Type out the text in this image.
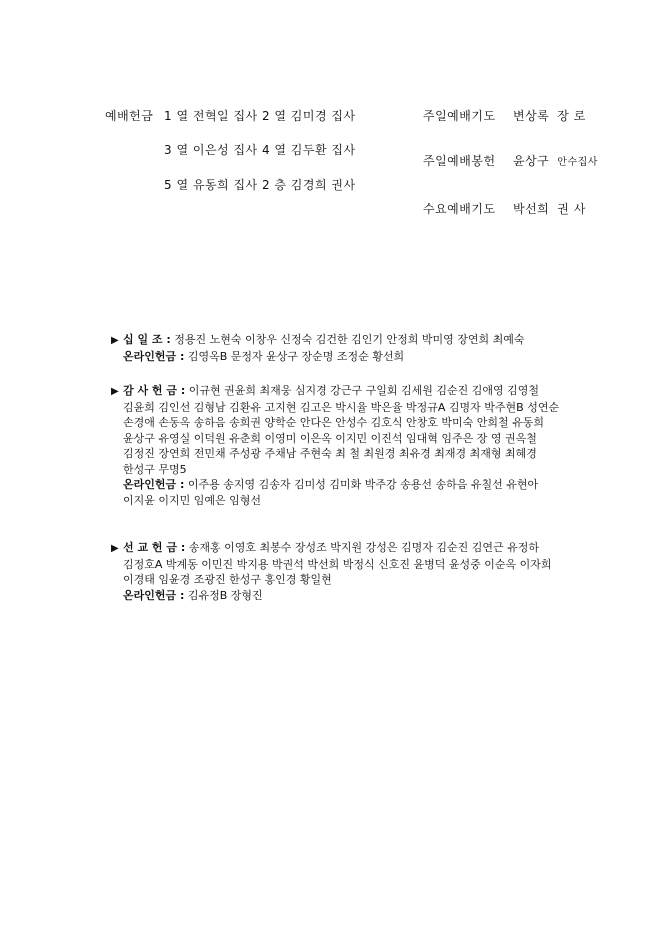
예배헌금 1 열 전혁일 집사 2 열 김미경 집사
3 열 이은성 집사 4 열 김두환 집사
5 열 유동희 집사 2 층 김경희 권사
주일예배기도 변상록 장 로
주일예배봉헌 윤상구 안수집사
수요예배기도 박선희 권 사
▶ 십 일 조 : 정용진 노현숙 이창우 신정숙 김건한 김인기 안정희 박미영 장연희 최예숙
온라인헌금 : 김영옥B 문정자 윤상구 장순명 조정순 황선희
▶ 감 사 헌 금 : 이규현 권윤희 최재웅 심지경 강근구 구일회 김세원 김순진 김애영 김영철
김윤희 김인선 김형남 김환유 고지현 김고은 박시율 박은율 박정규A 김명자 박주현B 성연순
손경애 손동옥 송하음 송희권 양학순 안다은 안성수 김호식 안창호 박미숙 안희철 유동희
윤상구 유영실 이덕원 유춘희 이영미 이은옥 이지민 이진석 임대혁 임주은 장 영 권옥철
김정진 장연희 전민채 주성광 주채남 주현숙 최 철 최원경 최유경 최재경 최재형 최혜경
한성구 무명5
온라인헌금 : 이주용 송지영 김송자 김미성 김미화 박주강 송용선 송하음 유칠선 유현아
이지윤 이지민 임예은 임형선
▶ 선 교 헌 금 : 송재홍 이영호 최봉수 장성조 박지원 강성은 김명자 김순진 김연근 유정하
김정호A 박계동 이민진 박지용 박권석 박선희 박정식 신호진 윤병덕 윤성중 이순옥 이자희
이경태 임윤경 조광진 한성구 홍인경 황일현
온라인헌금 : 김유정B 장형진
